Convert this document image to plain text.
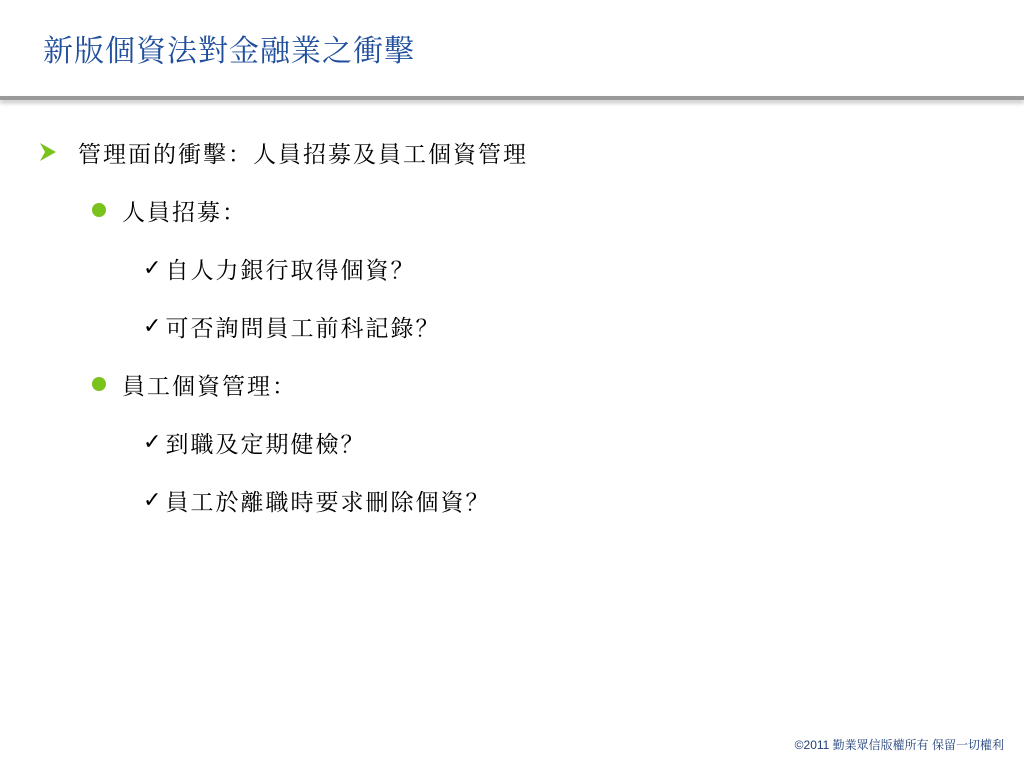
新版個資法對金融業之衝擊
管理面的衝擊：人員招募及員工個資管理
人員招募：
✓ 自人力銀行取得個資？
✓ 可否詢問員工前科記錄？
員工個資管理：
✓ 到職及定期健檢？
✓ 員工於離職時要求刪除個資？
©2011 勤業眾信版權所有 保留一切權利
